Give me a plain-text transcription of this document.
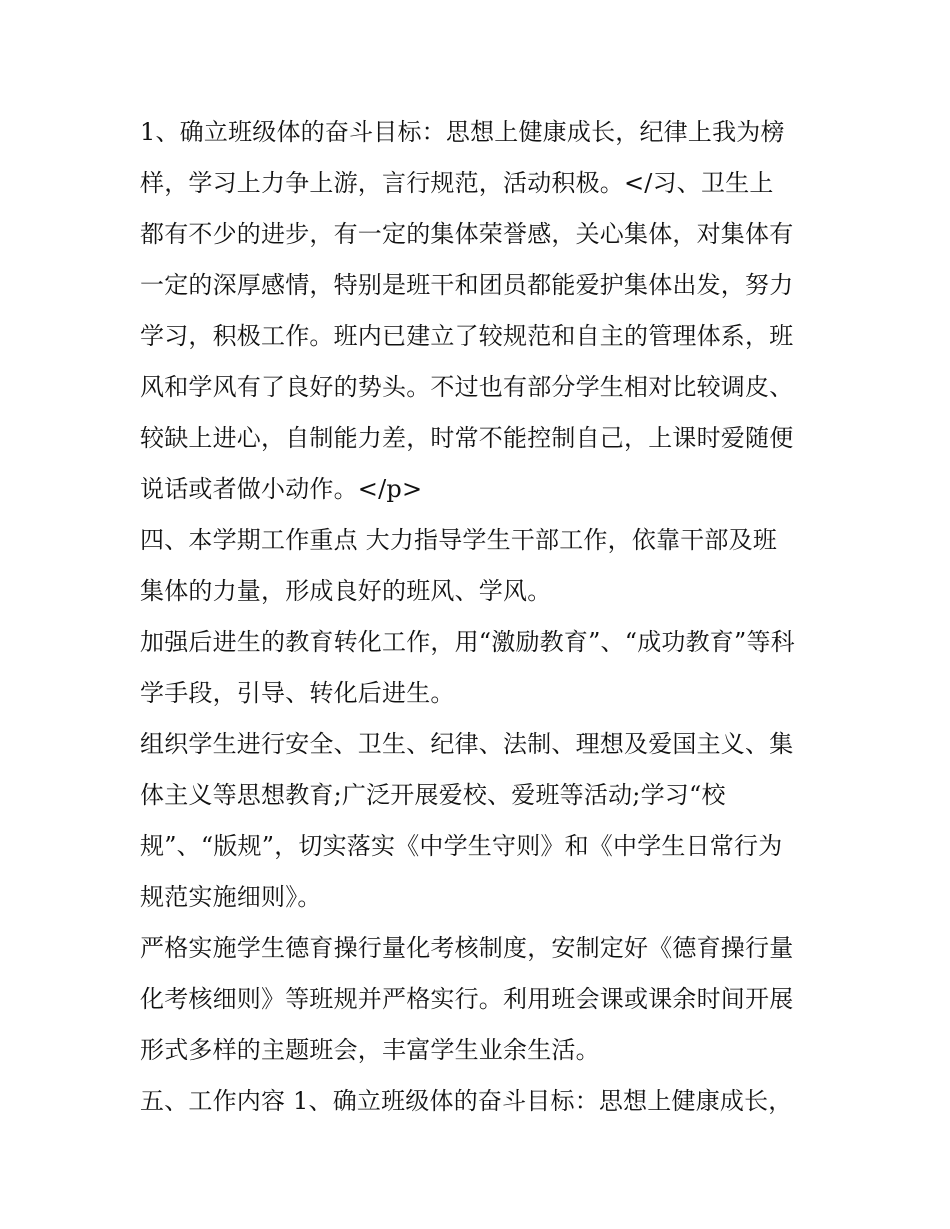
1、确立班级体的奋斗目标：思想上健康成长，纪律上我为榜
样，学习上力争上游，言行规范，活动积极。</习、卫生上
都有不少的进步，有一定的集体荣誉感，关心集体，对集体有
一定的深厚感情，特别是班干和团员都能爱护集体出发，努力
学习，积极工作。班内已建立了较规范和自主的管理体系，班
风和学风有了良好的势头。不过也有部分学生相对比较调皮、
较缺上进心，自制能力差，时常不能控制自己，上课时爱随便
说话或者做小动作。</p>
四、本学期工作重点 大力指导学生干部工作，依靠干部及班
集体的力量，形成良好的班风、学风。
加强后进生的教育转化工作，用“激励教育”、“成功教育”等科
学手段，引导、转化后进生。
组织学生进行安全、卫生、纪律、法制、理想及爱国主义、集
体主义等思想教育;广泛开展爱校、爱班等活动;学习“校
规”、“版规”，切实落实《中学生守则》和《中学生日常行为
规范实施细则》。
严格实施学生德育操行量化考核制度，安制定好《德育操行量
化考核细则》等班规并严格实行。利用班会课或课余时间开展
形式多样的主题班会，丰富学生业余生活。
五、工作内容 1、确立班级体的奋斗目标：思想上健康成长，
